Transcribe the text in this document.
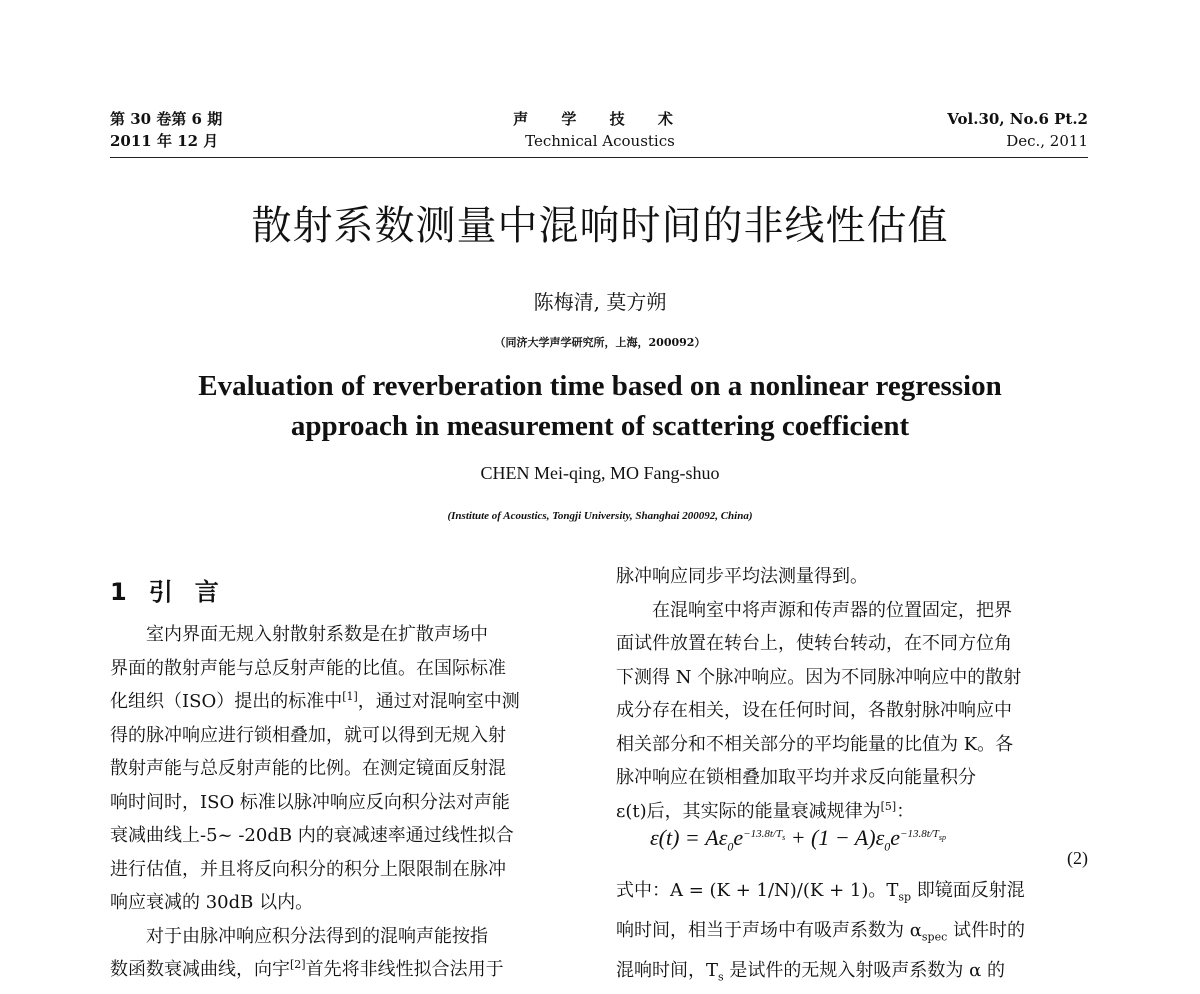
第 30 卷第 6 期
2011 年 12 月
声 学 技 术
Technical Acoustics
Vol.30, No.6 Pt.2
Dec., 2011
散射系数测量中混响时间的非线性估值
陈梅清, 莫方朔
（同济大学声学研究所，上海，200092）
Evaluation of reverberation time based on a nonlinear regression
approach in measurement of scattering coefficient
CHEN Mei-qing, MO Fang-shuo
(Institute of Acoustics, Tongji University, Shanghai 200092, China)
1 引 言
室内界面无规入射散射系数是在扩散声场中
界面的散射声能与总反射声能的比值。在国际标准
化组织（ISO）提出的标准中[1]，通过对混响室中测
得的脉冲响应进行锁相叠加，就可以得到无规入射
散射声能与总反射声能的比例。在测定镜面反射混
响时间时，ISO 标准以脉冲响应反向积分法对声能
衰减曲线上-5~ -20dB 内的衰减速率通过线性拟合
进行估值，并且将反向积分的积分上限限制在脉冲
响应衰减的 30dB 以内。
对于由脉冲响应积分法得到的混响声能按指
数函数衰减曲线，向宇[2]首先将非线性拟合法用于
脉冲响应同步平均法测量得到。
在混响室中将声源和传声器的位置固定，把界
面试件放置在转台上，使转台转动，在不同方位角
下测得 N 个脉冲响应。因为不同脉冲响应中的散射
成分存在相关，设在任何时间，各散射脉冲响应中
相关部分和不相关部分的平均能量的比值为 K。各
脉冲响应在锁相叠加取平均并求反向能量积分
ε(t)后，其实际的能量衰减规律为[5]：
$\varepsilon(t) = A\varepsilon_0e^{-13.8t/T_s} + (1 - A)\varepsilon_0e^{-13.8t/T_{sp}}$
(2)
式中：A = (K + 1/N)/(K + 1)。$T_{sp}$ 即镜面反射混
响时间，相当于声场中有吸声系数为 $\alpha_{spec}$ 试件时的
混响时间，$T_s$ 是试件的无规入射吸声系数为 α 的
